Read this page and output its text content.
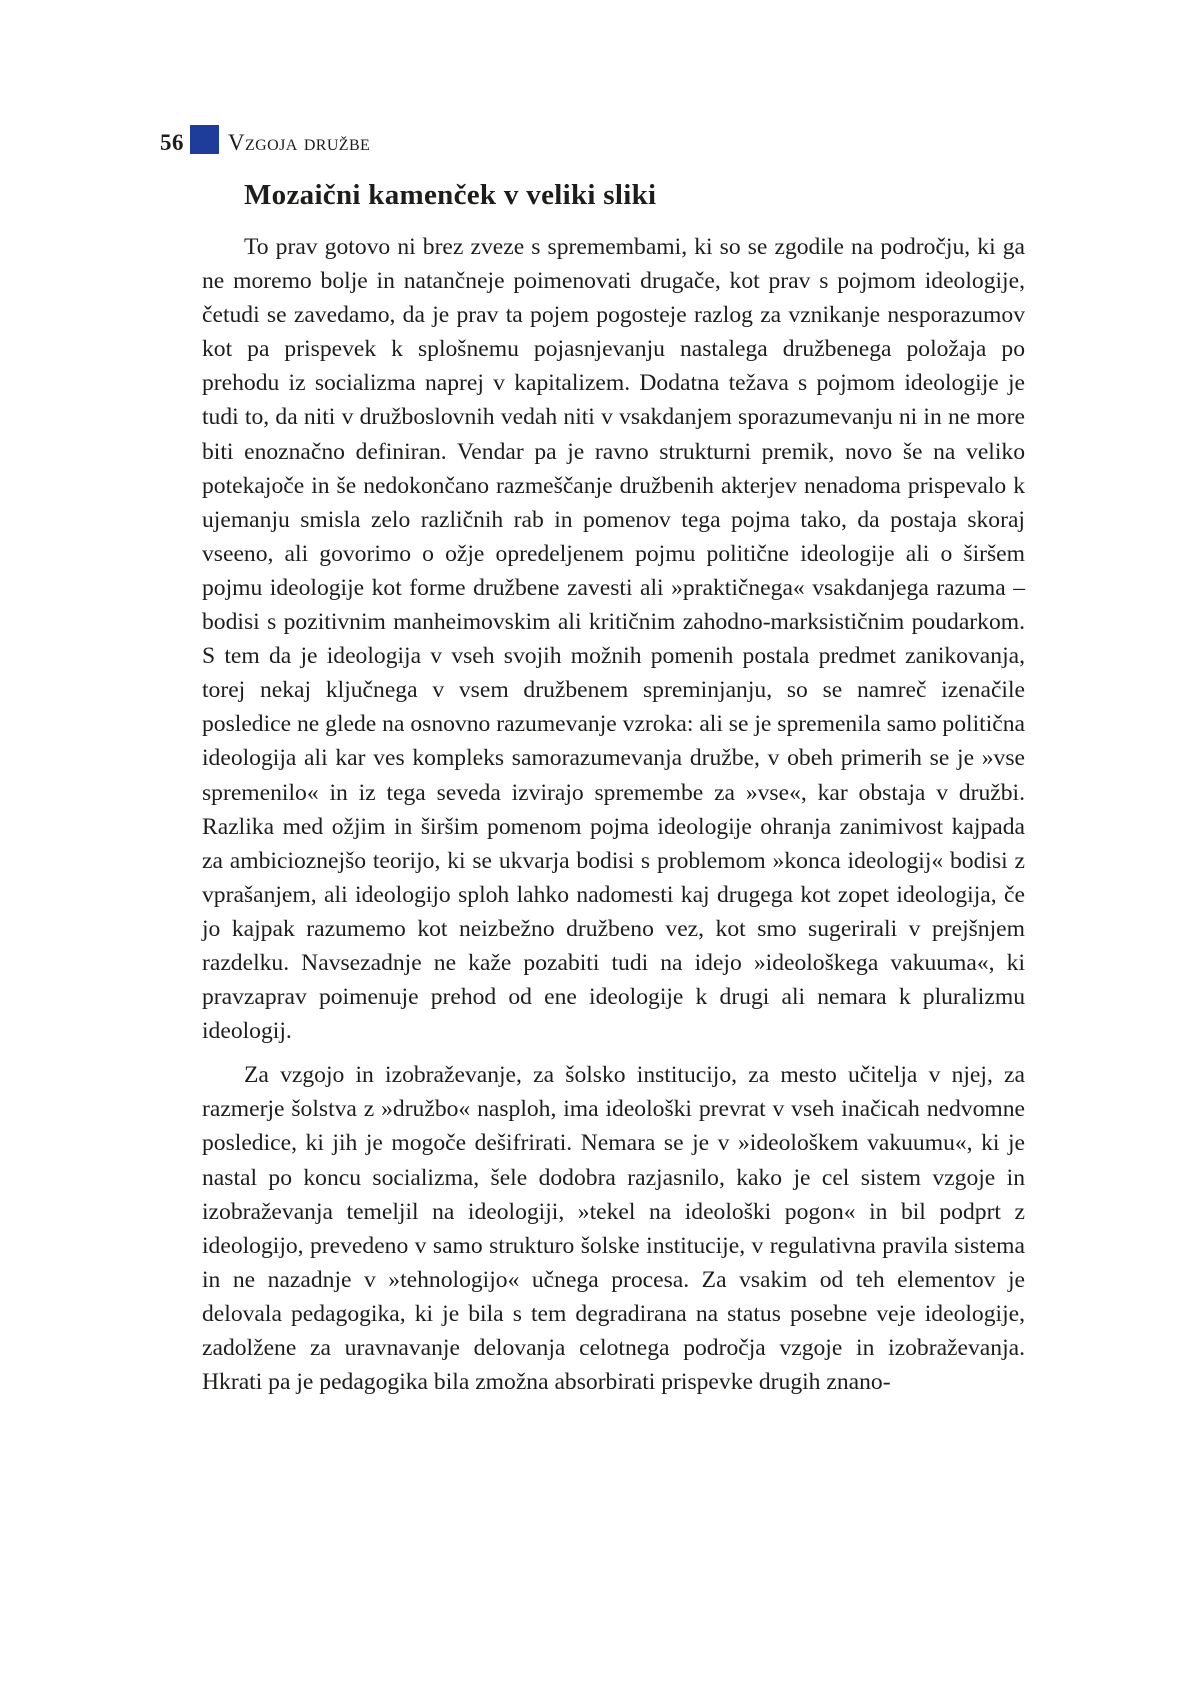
56 Vzgoja družbe
Mozaični kamenček v veliki sliki

To prav gotovo ni brez zveze s spremembami, ki so se zgodile na področju, ki ga ne moremo bolje in natančneje poimenovati drugače, kot prav s pojmom ideologije, četudi se zavedamo, da je prav ta pojem pogosteje razlog za vznikanje nesporazumov kot pa prispevek k splošnemu pojasnjevanju nastalega družbenega položaja po prehodu iz socializma naprej v kapitalizem. Dodatna težava s pojmom ideologije je tudi to, da niti v družboslovnih vedah niti v vsakdanjem sporazumevanju ni in ne more biti enoznačno definiran. Vendar pa je ravno strukturni premik, novo še na veliko potekajoče in še nedokončano razmeščanje družbenih akterjev nenadoma prispevalo k ujemanju smisla zelo različnih rab in pomenov tega pojma tako, da postaja skoraj vseeno, ali govorimo o ožje opredeljenem pojmu politične ideologije ali o širšem pojmu ideologije kot forme družbene zavesti ali »praktičnega« vsakdanjega razuma – bodisi s pozitivnim manheimovskim ali kritičnim zahodno-marksističnim poudarkom. S tem da je ideologija v vseh svojih možnih pomenih postala predmet zanikovanja, torej nekaj ključnega v vsem družbenem spreminjanju, so se namreč izenačile posledice ne glede na osnovno razumevanje vzroka: ali se je spremenila samo politična ideologija ali kar ves kompleks samorazumevanja družbe, v obeh primerih se je »vse spremenilo« in iz tega seveda izvirajo spremembe za »vse«, kar obstaja v družbi. Razlika med ožjim in širšim pomenom pojma ideologije ohranja zanimivost kajpada za ambicioznejšo teorijo, ki se ukvarja bodisi s problemom »konca ideologij« bodisi z vprašanjem, ali ideologijo sploh lahko nadomesti kaj drugega kot zopet ideologija, če jo kajpak razumemo kot neizbežno družbeno vez, kot smo sugerirali v prejšnjem razdelku. Navsezadnje ne kaže pozabiti tudi na idejo »ideološkega vakuuma«, ki pravzaprav poimenuje prehod od ene ideologije k drugi ali nemara k pluralizmu ideologij.

Za vzgojo in izobraževanje, za šolsko institucijo, za mesto učitelja v njej, za razmerje šolstva z »družbo« nasploh, ima ideološki prevrat v vseh inačicah nedvomne posledice, ki jih je mogoče dešifrirati. Nemara se je v »ideološkem vakuumu«, ki je nastal po koncu socializma, šele dodobra razjasnilo, kako je cel sistem vzgoje in izobraževanja temeljil na ideologiji, »tekel na ideološki pogon« in bil podprt z ideologijo, prevedeno v samo strukturo šolske institucije, v regulativna pravila sistema in ne nazadnje v »tehnologijo« učnega procesa. Za vsakim od teh elementov je delovala pedagogika, ki je bila s tem degradirana na status posebne veje ideologije, zadolžene za uravnavanje delovanja celotnega področja vzgoje in izobraževanja. Hkrati pa je pedagogika bila zmožna absorbirati prispevke drugih znano-
